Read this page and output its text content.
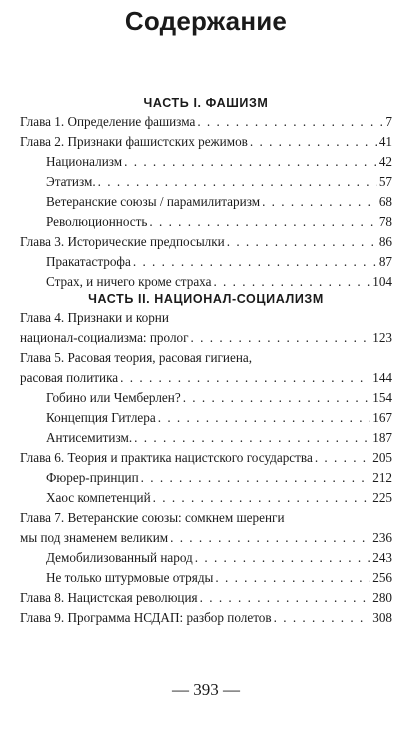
Содержание
ЧАСТЬ I. ФАШИЗМ
Глава 1. Определение фашизма . . .	7
Глава 2. Признаки фашистских режимов . . .	41
Национализм . . .	42
Этатизм. . . .	57
Ветеранские союзы / парамилитаризм . . .	68
Революционность . . .	78
Глава 3. Исторические предпосылки . . .	86
Пракатастрофа . . .	87
Страх, и ничего кроме страха . . .	104
ЧАСТЬ II. НАЦИОНАЛ-СОЦИАЛИЗМ
Глава 4. Признаки и корни
национал-социализма: пролог . . .	123
Глава 5. Расовая теория, расовая гигиена,
расовая политика . . .	144
Гобино или Чемберлен? . . .	154
Концепция Гитлера . . .	167
Антисемитизм. . . .	187
Глава 6. Теория и практика нацистского государства . . .	205
Фюрер-принцип . . .	212
Хаос компетенций . . .	225
Глава 7. Ветеранские союзы: сомкнем шеренги
мы под знаменем великим . . .	236
Демобилизованный народ . . .	243
Не только штурмовые отряды . . .	256
Глава 8. Нацистская революция . . .	280
Глава 9. Программа НСДАП: разбор полетов . . .	308
— 393 —
